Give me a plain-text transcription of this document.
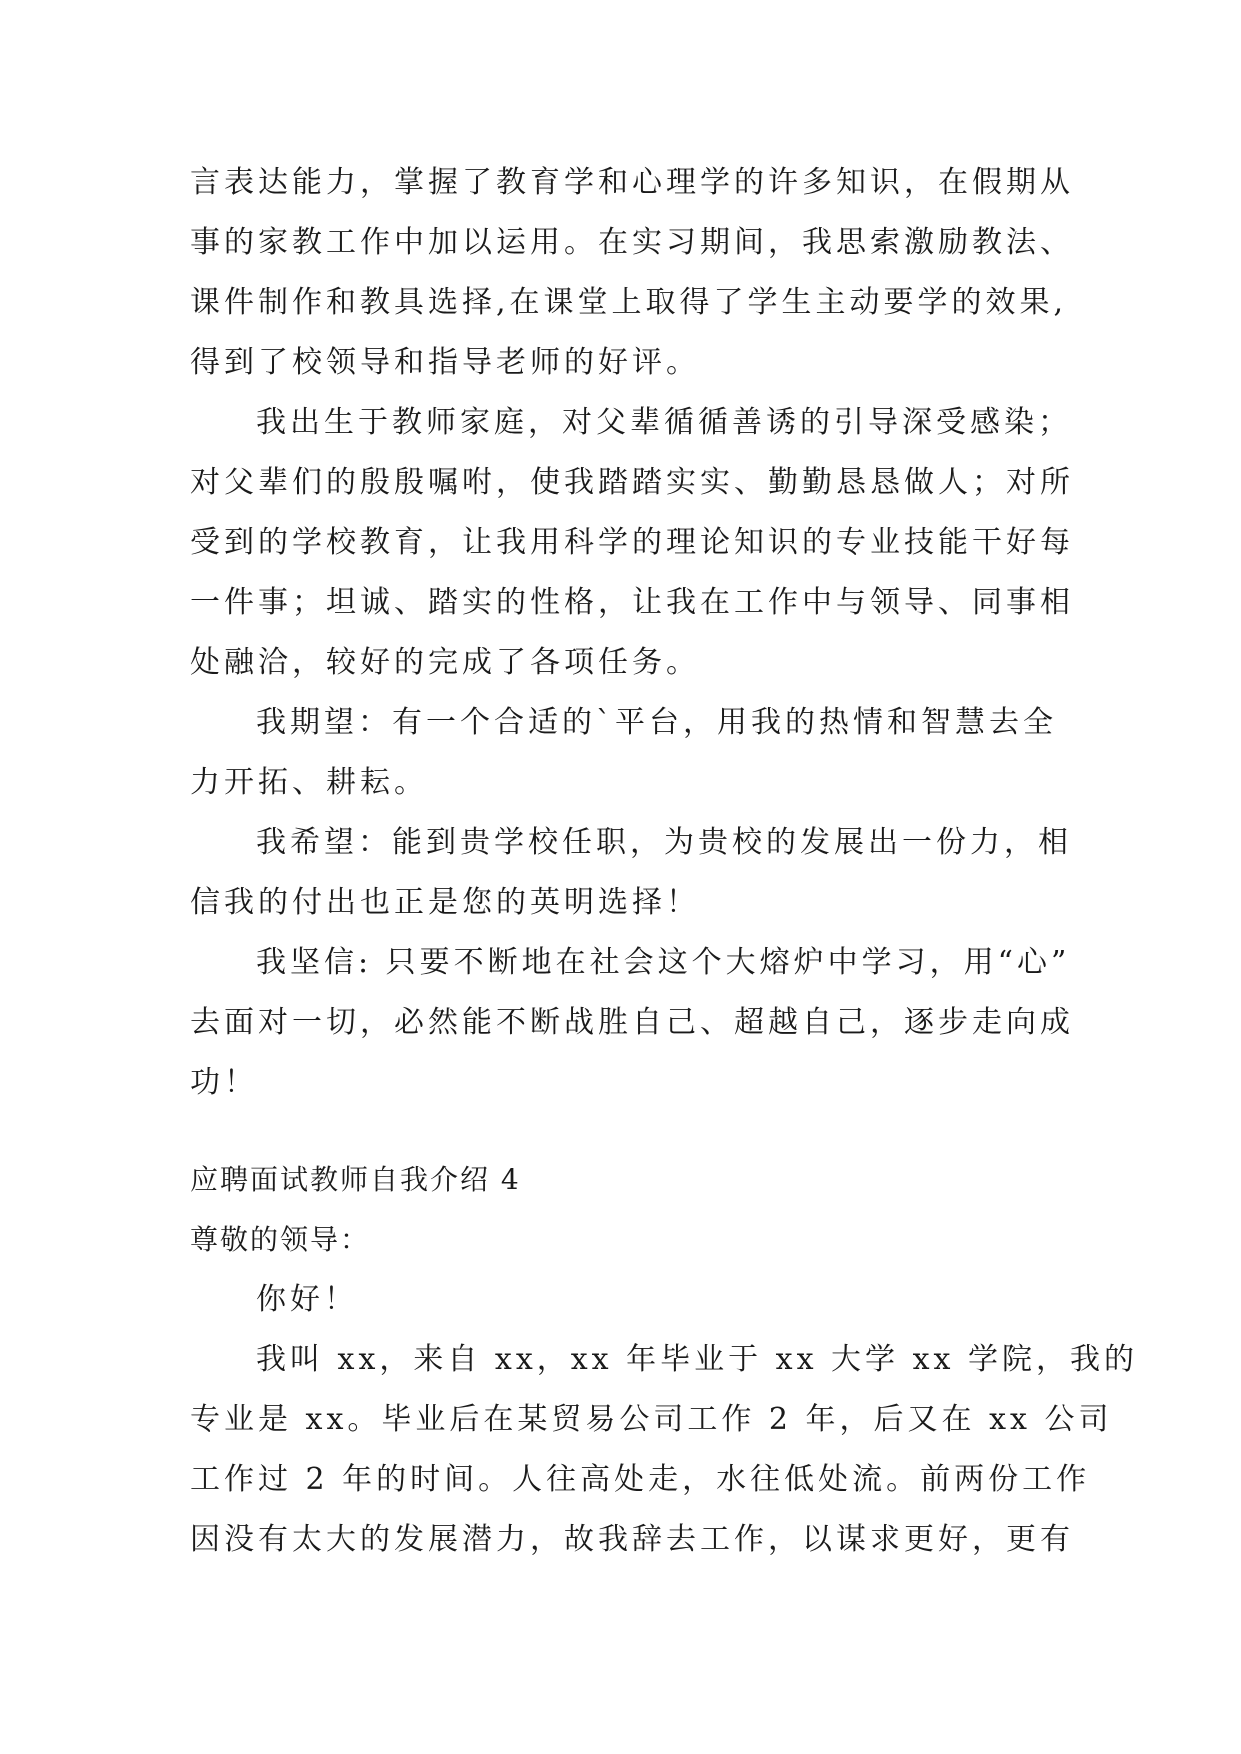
言表达能力，掌握了教育学和心理学的许多知识，在假期从
事的家教工作中加以运用。在实习期间，我思索激励教法、
课件制作和教具选择,在课堂上取得了学生主动要学的效果,
得到了校领导和指导老师的好评。
我出生于教师家庭，对父辈循循善诱的引导深受感染；
对父辈们的殷殷嘱咐，使我踏踏实实、勤勤恳恳做人；对所
受到的学校教育，让我用科学的理论知识的专业技能干好每
一件事；坦诚、踏实的性格，让我在工作中与领导、同事相
处融洽，较好的完成了各项任务。
我期望：有一个合适的`平台，用我的热情和智慧去全
力开拓、耕耘。
我希望：能到贵学校任职，为贵校的发展出一份力，相
信我的付出也正是您的英明选择！
我坚信: 只要不断地在社会这个大熔炉中学习，用“心”
去面对一切，必然能不断战胜自己、超越自己，逐步走向成
功！
应聘面试教师自我介绍 4
尊敬的领导：
你好！
我叫 xx，来自 xx，xx 年毕业于 xx 大学 xx 学院，我的
专业是 xx。毕业后在某贸易公司工作 2 年，后又在 xx 公司
工作过 2 年的时间。人往高处走，水往低处流。前两份工作
因没有太大的发展潜力，故我辞去工作，以谋求更好，更有
